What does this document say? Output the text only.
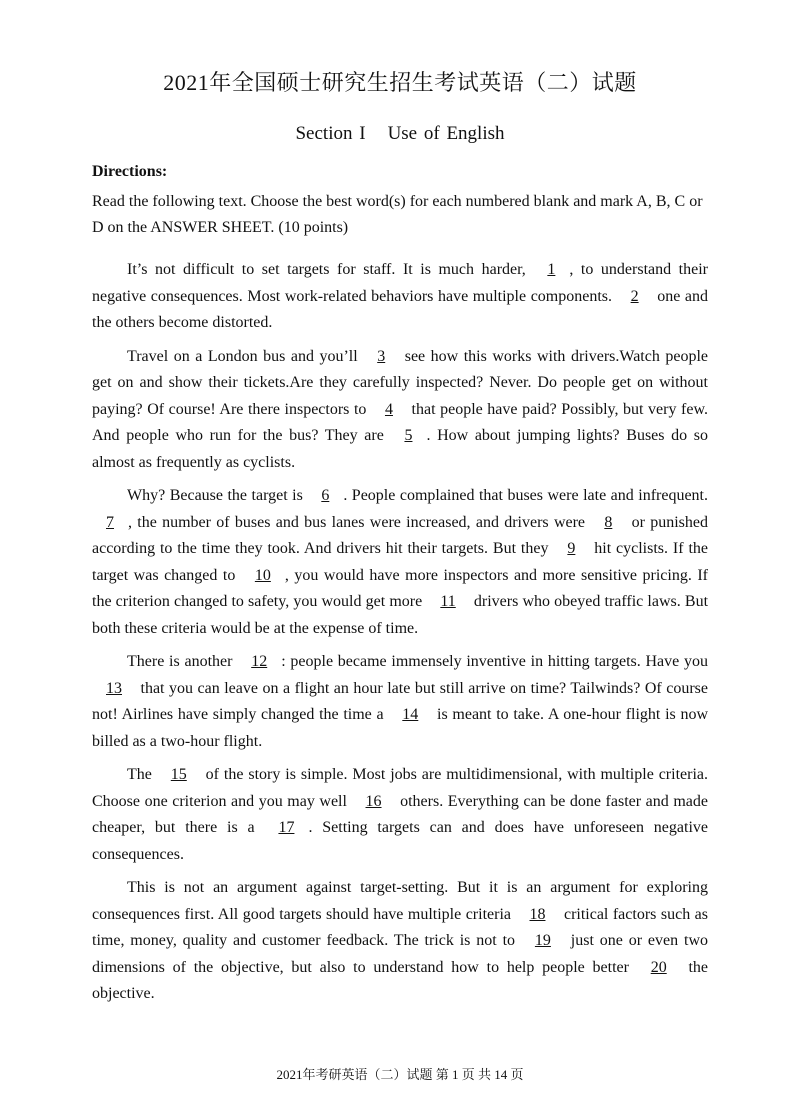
2021年全国硕士研究生招生考试英语（二）试题
Section I Use of English
Directions:
Read the following text. Choose the best word(s) for each numbered blank and mark A, B, C or D on the ANSWER SHEET. (10 points)

It’s not difficult to set targets for staff. It is much harder, 1 , to understand their negative consequences. Most work-related behaviors have multiple components. 2 one and the others become distorted.

Travel on a London bus and you’ll 3 see how this works with drivers.Watch people get on and show their tickets.Are they carefully inspected? Never. Do people get on without paying? Of course! Are there inspectors to 4 that people have paid? Possibly, but very few. And people who run for the bus? They are 5 . How about jumping lights? Buses do so almost as frequently as cyclists.

Why? Because the target is 6 . People complained that buses were late and infrequent. 7 , the number of buses and bus lanes were increased, and drivers were 8 or punished according to the time they took. And drivers hit their targets. But they 9 hit cyclists. If the target was changed to 10 , you would have more inspectors and more sensitive pricing. If the criterion changed to safety, you would get more 11 drivers who obeyed traffic laws. But both these criteria would be at the expense of time.

There is another 12 : people became immensely inventive in hitting targets. Have you 13 that you can leave on a flight an hour late but still arrive on time? Tailwinds? Of course not! Airlines have simply changed the time a 14 is meant to take. A one-hour flight is now billed as a two-hour flight.

The 15 of the story is simple. Most jobs are multidimensional, with multiple criteria. Choose one criterion and you may well 16 others. Everything can be done faster and made cheaper, but there is a 17 . Setting targets can and does have unforeseen negative consequences.

This is not an argument against target-setting. But it is an argument for exploring consequences first. All good targets should have multiple criteria 18 critical factors such as time, money, quality and customer feedback. The trick is not to 19 just one or even two dimensions of the objective, but also to understand how to help people better 20 the objective.

2021年考研英语（二）试题 第 1 页 共 14 页
